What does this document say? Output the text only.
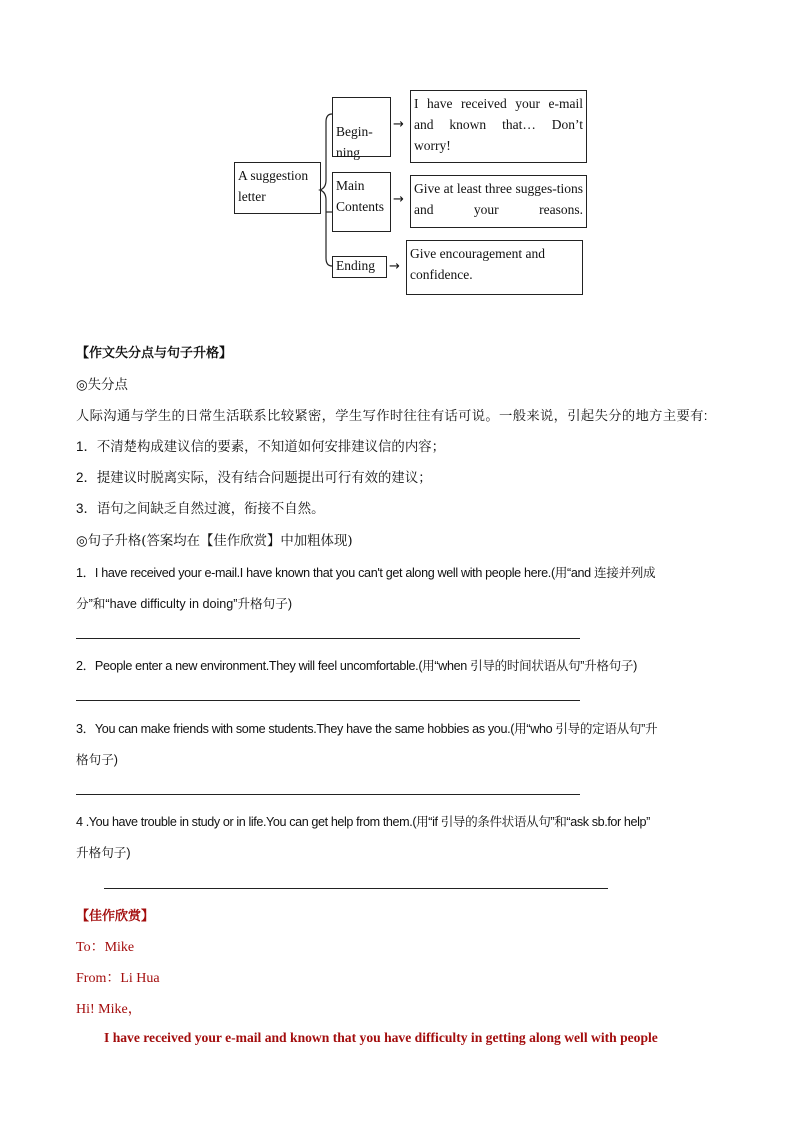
A suggestion letter

Begin-
ning

→
I have received your e-mail and known that… Don’t worry!
Main Contents →
Give at least three sugges-tions and your reasons.
Ending	→
Give encouragement and confidence.
【作文失分点与句子升格】
◎失分点
人际沟通与学生的日常生活联系比较紧密，学生写作时往往有话可说。一般来说，引起失分的地方主要有:
1．不清楚构成建议信的要素，不知道如何安排建议信的内容；
2．提建议时脱离实际，没有结合问题提出可行有效的建议；
3．语句之间缺乏自然过渡，衔接不自然。
◎句子升格(答案均在【佳作欣赏】中加粗体现)
1．I have received your e-mail.I have known that you can't get along well with people here.(用“and 连接并列成
分”和“have difficulty in doing”升格句子)
2．People enter a new environment.They will feel uncomfortable.(用“when 引导的时间状语从句”升格句子)
3．You can make friends with some students.They have the same hobbies as you.(用“who 引导的定语从句”升
格句子)
4 .You have trouble in study or in life.You can get help from them.(用“if 引导的条件状语从句”和“ask sb.for help”
升格句子)
【佳作欣赏】
To：Mike
From：Li Hua
Hi! Mike，
I have received your e-mail and known that you have difficulty in getting along well with people
